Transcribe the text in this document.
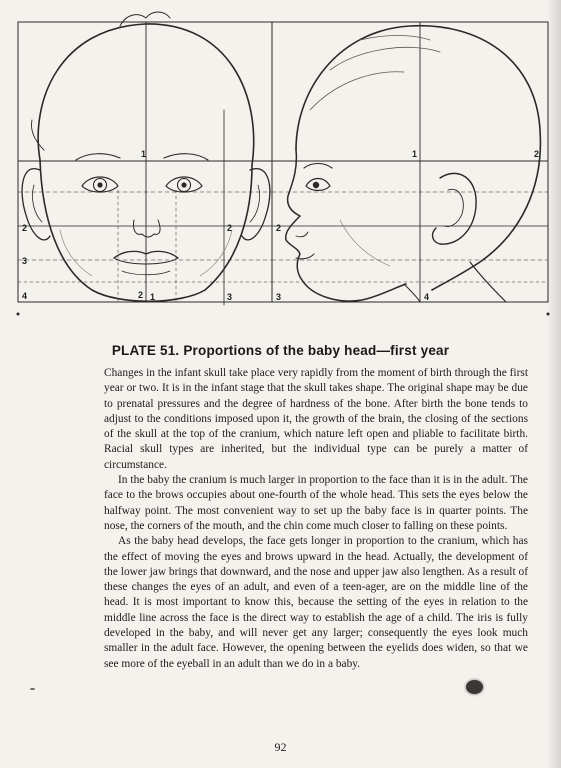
1
2
3
4	2 1
2
3
1
2
3	4
2
PLATE 51. Proportions of the baby head—first year

Changes in the infant skull take place very rapidly from the moment of birth through the first year or two. It is in the infant stage that the skull takes shape. The original shape may be due to prenatal pressures and the degree of hardness of the bone. After birth the bone tends to adjust to the conditions imposed upon it, the growth of the brain, the closing of the sections of the skull at the top of the cranium, which nature left open and pliable to facilitate birth. Racial skull types are inherited, but the individual type can be purely a matter of circumstance.

In the baby the cranium is much larger in proportion to the face than it is in the adult. The face to the brows occupies about one-fourth of the whole head. This sets the eyes below the halfway point. The most convenient way to set up the baby face is in quarter points. The nose, the corners of the mouth, and the chin come much closer to falling on these points.

As the baby head develops, the face gets longer in proportion to the cranium, which has the effect of moving the eyes and brows upward in the head. Actually, the development of the lower jaw brings that downward, and the nose and upper jaw also lengthen. As a result of these changes the eyes of an adult, and even of a teen-ager, are on the middle line of the head. It is most important to know this, because the setting of the eyes in relation to the middle line across the face is the direct way to establish the age of a child. The iris is fully developed in the baby, and will never get any larger; consequently the eyes look much smaller in the adult face. However, the opening between the eyelids does widen, so that we see more of the eyeball in an adult than we do in a baby.

92
